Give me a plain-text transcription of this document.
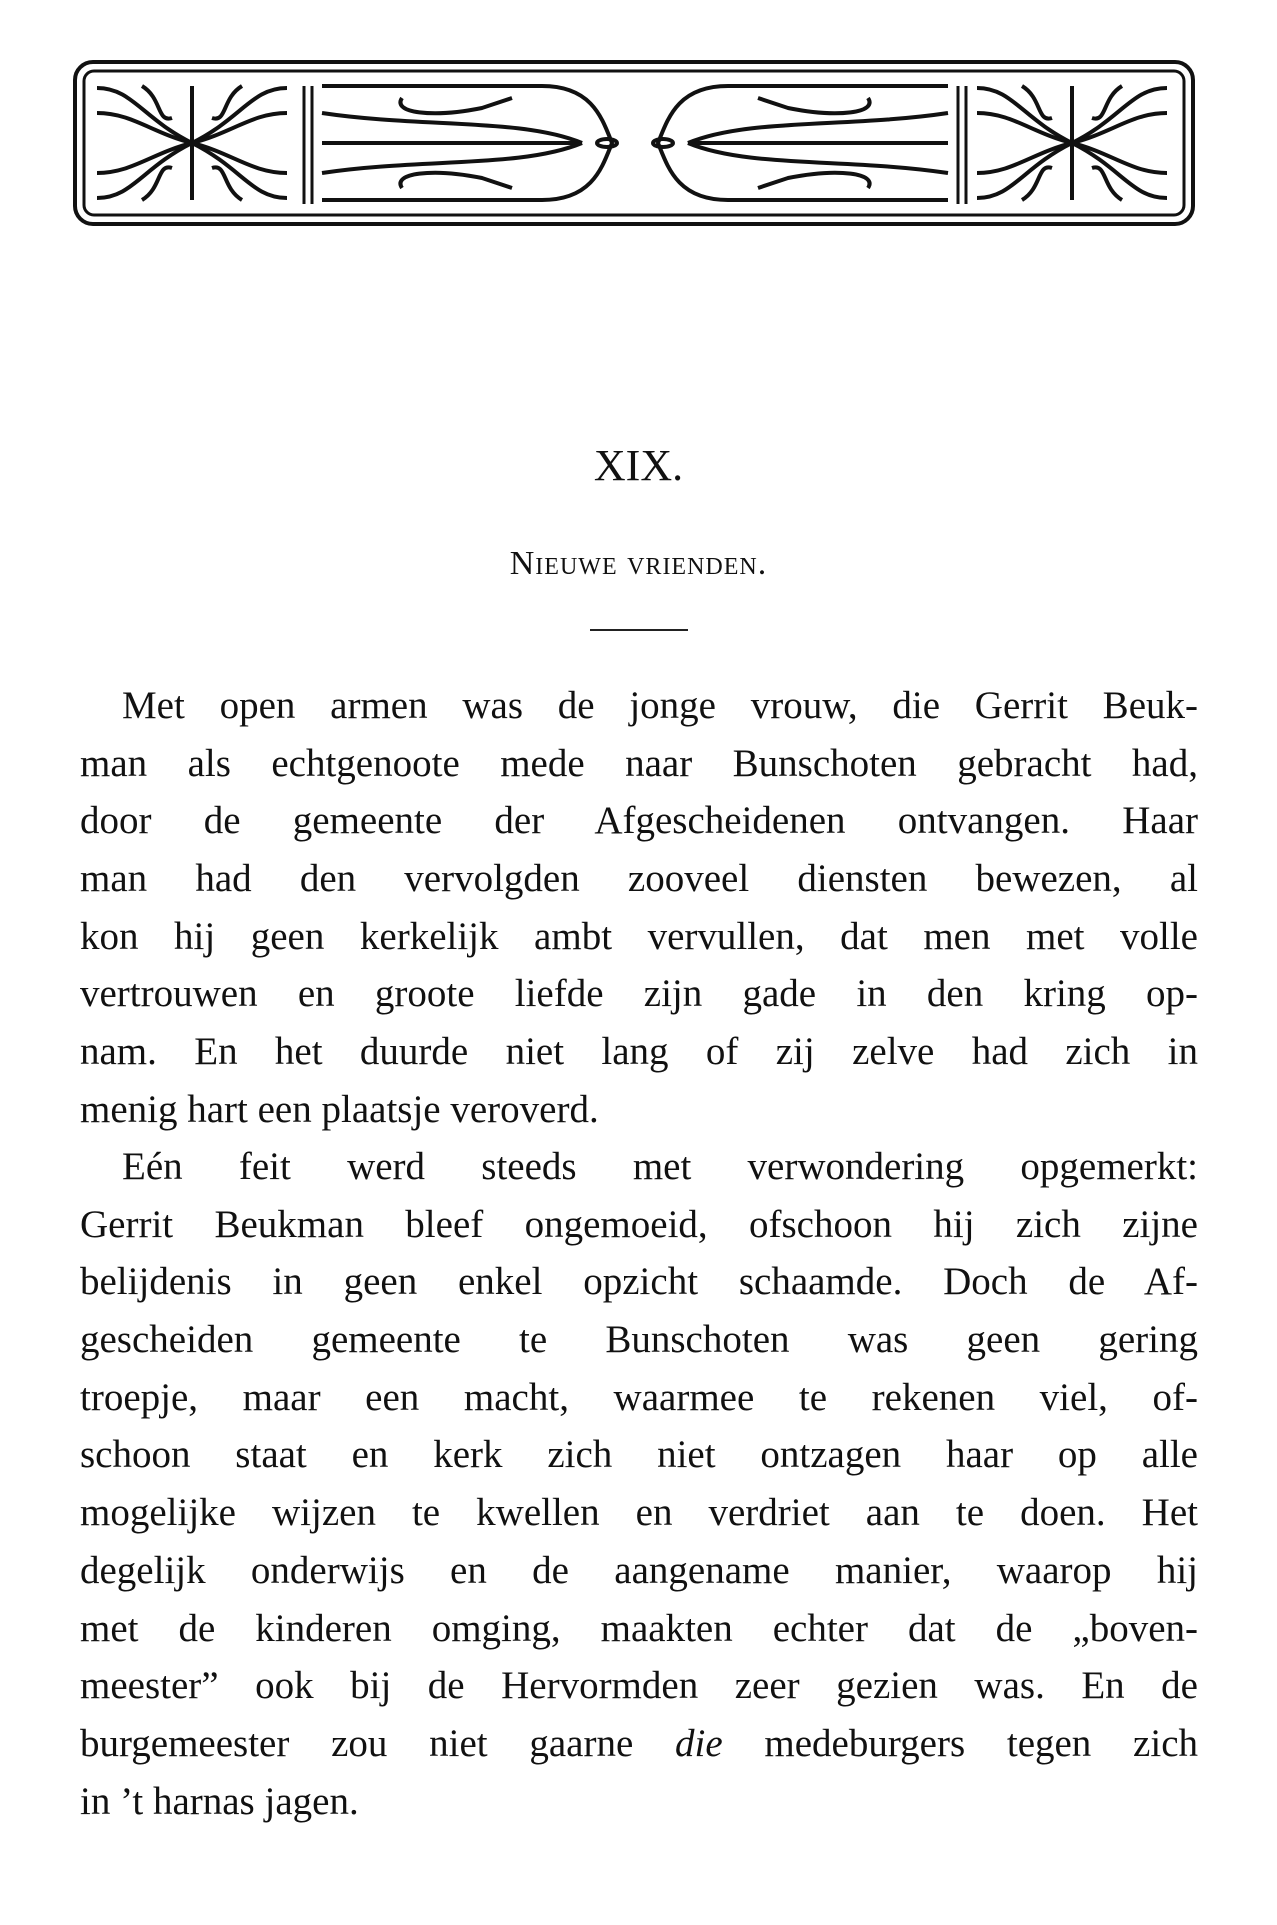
XIX.
Nieuwe vrienden.
Met open armen was de jonge vrouw, die Gerrit Beuk-
man als echtgenoote mede naar Bunschoten gebracht had,
door de gemeente der Afgescheidenen ontvangen. Haar
man had den vervolgden zooveel diensten bewezen, al
kon hij geen kerkelijk ambt vervullen, dat men met volle
vertrouwen en groote liefde zijn gade in den kring op-
nam. En het duurde niet lang of zij zelve had zich in
menig hart een plaatsje veroverd.
Eén feit werd steeds met verwondering opgemerkt:
Gerrit Beukman bleef ongemoeid, ofschoon hij zich zijne
belijdenis in geen enkel opzicht schaamde. Doch de Af-
gescheiden gemeente te Bunschoten was geen gering
troepje, maar een macht, waarmee te rekenen viel, of-
schoon staat en kerk zich niet ontzagen haar op alle
mogelijke wijzen te kwellen en verdriet aan te doen. Het
degelijk onderwijs en de aangename manier, waarop hij
met de kinderen omging, maakten echter dat de „boven-
meester” ook bij de Hervormden zeer gezien was. En de
burgemeester zou niet gaarne die medeburgers tegen zich
in ’t harnas jagen.
